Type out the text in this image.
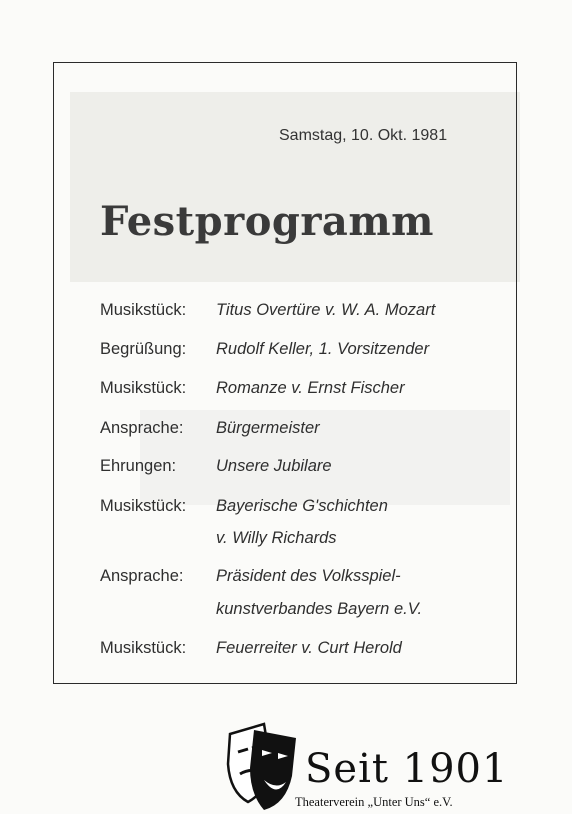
Samstag, 10. Okt. 1981
Festprogramm
Musikstück: Titus Overtüre v. W. A. Mozart
Begrüßung: Rudolf Keller, 1. Vorsitzender
Musikstück: Romanze v. Ernst Fischer
Ansprache: Bürgermeister
Ehrungen: Unsere Jubilare
Musikstück: Bayerische G'schichten
v. Willy Richards
Ansprache: Präsident des Volksspiel-
kunstverbandes Bayern e.V.
Musikstück: Feuerreiter v. Curt Herold
Seit 1901
Theaterverein „Unter Uns“ e.V.
